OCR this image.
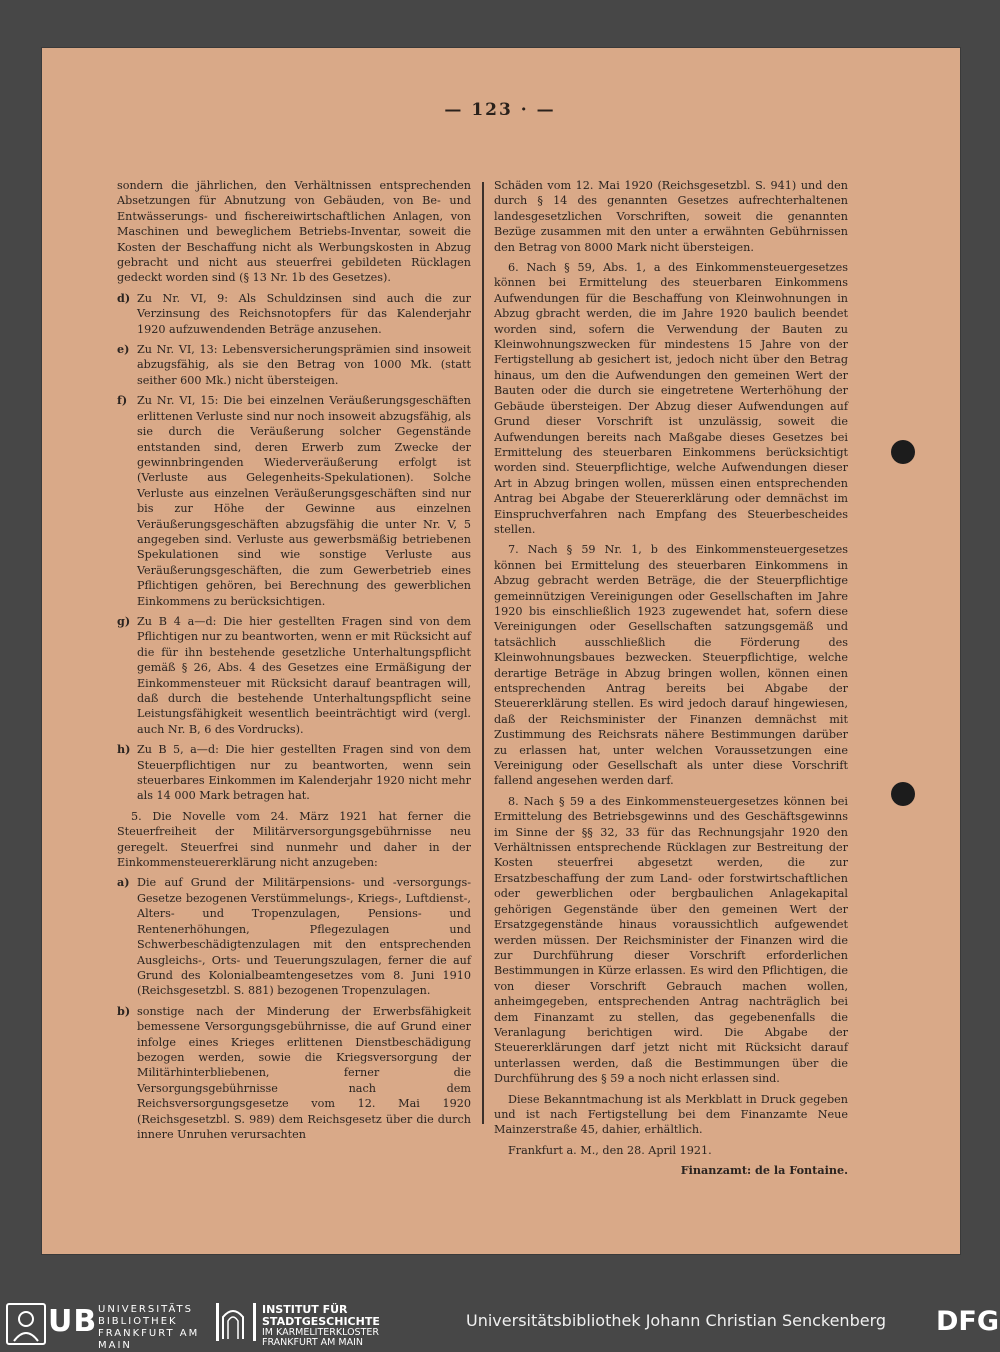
— 123 · —

sondern die jährlichen, den Verhältnissen entsprechenden Absetzungen für Abnutzung von Gebäuden, von Be- und Entwässerungs- und fischereiwirtschaftlichen Anlagen, von Maschinen und beweglichem Betriebs-Inventar, soweit die Kosten der Beschaffung nicht als Werbungskosten in Abzug gebracht und nicht aus steuerfrei gebildeten Rücklagen gedeckt worden sind (§ 13 Nr. 1b des Gesetzes).

d) Zu Nr. VI, 9: Als Schuldzinsen sind auch die zur Verzinsung des Reichsnotopfers für das Kalenderjahr 1920 aufzuwendenden Beträge anzusehen.
e) Zu Nr. VI, 13: Lebensversicherungsprämien sind insoweit abzugsfähig, als sie den Betrag von 1000 Mk. (statt seither 600 Mk.) nicht übersteigen.
f) Zu Nr. VI, 15: Die bei einzelnen Veräußerungsgeschäften erlittenen Verluste sind nur noch insoweit abzugsfähig, als sie durch die Veräußerung solcher Gegenstände entstanden sind, deren Erwerb zum Zwecke der gewinnbringenden Wiederveräußerung erfolgt ist (Verluste aus Gelegenheits-Spekulationen). Solche Verluste aus einzelnen Veräußerungsgeschäften sind nur bis zur Höhe der Gewinne aus einzelnen Veräußerungsgeschäften abzugsfähig die unter Nr. V, 5 angegeben sind. Verluste aus gewerbsmäßig betriebenen Spekulationen sind wie sonstige Verluste aus Veräußerungsgeschäften, die zum Gewerbetrieb eines Pflichtigen gehören, bei Berechnung des gewerblichen Einkommens zu berücksichtigen.
g) Zu B 4 a—d: Die hier gestellten Fragen sind von dem Pflichtigen nur zu beantworten, wenn er mit Rücksicht auf die für ihn bestehende gesetzliche Unterhaltungspflicht gemäß § 26, Abs. 4 des Gesetzes eine Ermäßigung der Einkommensteuer mit Rücksicht darauf beantragen will, daß durch die bestehende Unterhaltungspflicht seine Leistungsfähigkeit wesentlich beeinträchtigt wird (vergl. auch Nr. B, 6 des Vordrucks).
h) Zu B 5, a—d: Die hier gestellten Fragen sind von dem Steuerpflichtigen nur zu beantworten, wenn sein steuerbares Einkommen im Kalenderjahr 1920 nicht mehr als 14 000 Mark betragen hat.

5. Die Novelle vom 24. März 1921 hat ferner die Steuerfreiheit der Militärversorgungsgebührnisse neu geregelt. Steuerfrei sind nunmehr und daher in der Einkommensteuererklärung nicht anzugeben:

a) Die auf Grund der Militärpensions- und -versorgungs-Gesetze bezogenen Verstümmelungs-, Kriegs-, Luftdienst-, Alters- und Tropenzulagen, Pensions- und Rentenerhöhungen, Pflegezulagen und Schwerbeschädigtenzulagen mit den entsprechenden Ausgleichs-, Orts- und Teuerungszulagen, ferner die auf Grund des Kolonialbeamtengesetzes vom 8. Juni 1910 (Reichsgesetzbl. S. 881) bezogenen Tropenzulagen.
b) sonstige nach der Minderung der Erwerbsfähigkeit bemessene Versorgungsgebührnisse, die auf Grund einer infolge eines Krieges erlittenen Dienstbeschädigung bezogen werden, sowie die Kriegsversorgung der Militärhinterbliebenen, ferner die Versorgungsgebührnisse nach dem Reichsversorgungsgesetze vom 12. Mai 1920 (Reichsgesetzbl. S. 989) dem Reichsgesetz über die durch innere Unruhen verursachten

Schäden vom 12. Mai 1920 (Reichsgesetzbl. S. 941) und den durch § 14 des genannten Gesetzes aufrechterhaltenen landesgesetzlichen Vorschriften, soweit die genannten Bezüge zusammen mit den unter a erwähnten Gebührnissen den Betrag von 8000 Mark nicht übersteigen.

6. Nach § 59, Abs. 1, a des Einkommensteuergesetzes können bei Ermittelung des steuerbaren Einkommens Aufwendungen für die Beschaffung von Kleinwohnungen in Abzug gbracht werden, die im Jahre 1920 baulich beendet worden sind, sofern die Verwendung der Bauten zu Kleinwohnungszwecken für mindestens 15 Jahre von der Fertigstellung ab gesichert ist, jedoch nicht über den Betrag hinaus, um den die Aufwendungen den gemeinen Wert der Bauten oder die durch sie eingetretene Werterhöhung der Gebäude übersteigen. Der Abzug dieser Aufwendungen auf Grund dieser Vorschrift ist unzulässig, soweit die Aufwendungen bereits nach Maßgabe dieses Gesetzes bei Ermittelung des steuerbaren Einkommens berücksichtigt worden sind. Steuerpflichtige, welche Aufwendungen dieser Art in Abzug bringen wollen, müssen einen entsprechenden Antrag bei Abgabe der Steuererklärung oder demnächst im Einspruchverfahren nach Empfang des Steuerbescheides stellen.

7. Nach § 59 Nr. 1, b des Einkommensteuergesetzes können bei Ermittelung des steuerbaren Einkommens in Abzug gebracht werden Beträge, die der Steuerpflichtige gemeinnützigen Vereinigungen oder Gesellschaften im Jahre 1920 bis einschließlich 1923 zugewendet hat, sofern diese Vereinigungen oder Gesellschaften satzungsgemäß und tatsächlich ausschließlich die Förderung des Kleinwohnungsbaues bezwecken. Steuerpflichtige, welche derartige Beträge in Abzug bringen wollen, können einen entsprechenden Antrag bereits bei Abgabe der Steuererklärung stellen. Es wird jedoch darauf hingewiesen, daß der Reichsminister der Finanzen demnächst mit Zustimmung des Reichsrats nähere Bestimmungen darüber zu erlassen hat, unter welchen Voraussetzungen eine Vereinigung oder Gesellschaft als unter diese Vorschrift fallend angesehen werden darf.

8. Nach § 59 a des Einkommensteuergesetzes können bei Ermittelung des Betriebsgewinns und des Geschäftsgewinns im Sinne der §§ 32, 33 für das Rechnungsjahr 1920 den Verhältnissen entsprechende Rücklagen zur Bestreitung der Kosten steuerfrei abgesetzt werden, die zur Ersatzbeschaffung der zum Land- oder forstwirtschaftlichen oder gewerblichen oder bergbaulichen Anlagekapital gehörigen Gegenstände über den gemeinen Wert der Ersatzgegenstände hinaus voraussichtlich aufgewendet werden müssen. Der Reichsminister der Finanzen wird die zur Durchführung dieser Vorschrift erforderlichen Bestimmungen in Kürze erlassen. Es wird den Pflichtigen, die von dieser Vorschrift Gebrauch machen wollen, anheimgegeben, entsprechenden Antrag nachträglich bei dem Finanzamt zu stellen, das gegebenenfalls die Veranlagung berichtigen wird. Die Abgabe der Steuererklärungen darf jetzt nicht mit Rücksicht darauf unterlassen werden, daß die Bestimmungen über die Durchführung des § 59 a noch nicht erlassen sind.

Diese Bekanntmachung ist als Merkblatt in Druck gegeben und ist nach Fertigstellung bei dem Finanzamte Neue Mainzerstraße 45, dahier, erhältlich.

Frankfurt a. M., den 28. April 1921.

Finanzamt: de la Fontaine.

UB UNIVERSITÄTS
BIBLIOTHEK
FRANKFURT AM MAIN
INSTITUT FÜR
STADTGESCHICHTE
IM KARMELITERKLOSTER
FRANKFURT AM MAIN
Universitätsbibliothek Johann Christian Senckenberg DFG
